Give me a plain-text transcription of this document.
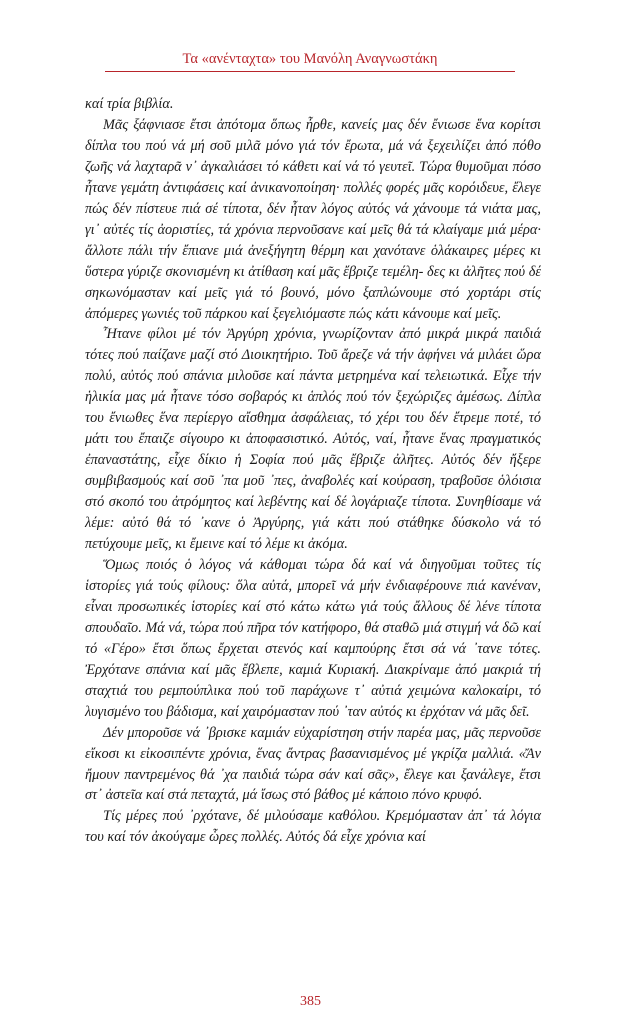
Τα «ανένταχτα» του Μανόλη Αναγνωστάκη

καί τρία βιβλία.

Μᾶς ξάφνιασε ἔτσι ἀπότομα ὅπως ἦρθε, κανείς μας δέν ἔνιωσε ἕνα κορίτσι δίπλα του πού νά μή σοῦ μιλᾶ μόνο γιά τόν ἔρωτα, μά νά ξεχειλίζει ἀπό πόθο ζωῆς νά λαχταρᾶ ν᾽ ἀγκαλιάσει τό κάθετι καί νά τό γευτεῖ. Τώρα θυμοῦμαι πόσο ἦτανε γεμάτη ἀντιφάσεις καί ἀνικανοποίηση· πολλές φορές μᾶς κορόιδευε, ἔλεγε πώς δέν πίστευε πιά σέ τίποτα, δέν ἦταν λόγος αὐτός νά χάνουμε τά νιάτα μας, γι᾽ αὐτές τίς ἀοριστίες, τά χρόνια περνοῦσανε καί μεῖς θά τά κλαίγαμε μιά μέρα· ἄλλοτε πάλι τήν ἔπιανε μιά ἀνεξήγητη θέρμη και χανότανε ὁλάκαιρες μέρες κι ὕστερα γύριζε σκονισμένη κι ἀτίθαση καί μᾶς ἔβριζε τεμέλη- δες κι ἀλῆτες πού δέ σηκωνόμασταν καί μεῖς γιά τό βουνό, μόνο ξαπλώνουμε στό χορτάρι στίς ἀπόμερες γωνιές τοῦ πάρκου καί ξεγελιόμαστε πώς κάτι κάνουμε καί μεῖς.

Ἦτανε φίλοι μέ τόν Ἀργύρη χρόνια, γνωρίζονταν ἀπό μικρά μικρά παιδιά τότες πού παίζανε μαζί στό Διοικητήριο. Τοῦ ἄρεζε νά τήν ἀφήνει νά μιλάει ὥρα πολύ, αὐτός πού σπάνια μιλοῦσε καί πάντα μετρημένα καί τελειωτικά. Εἶχε τήν ἡλικία μας μά ἦτανε τόσο σοβαρός κι ἁπλός πού τόν ξεχώριζες ἀμέσως. Δίπλα του ἔνιωθες ἕνα περίεργο αἴσθημα ἀσφάλειας, τό χέρι του δέν ἔτρεμε ποτέ, τό μάτι του ἔπαιζε σίγουρο κι ἀποφασιστικό. Αὐτός, ναί, ἦτανε ἕνας πραγματικός ἐπαναστάτης, εἶχε δίκιο ἡ Σοφία πού μᾶς ἔβριζε ἀλῆτες. Αὐτός δέν ἤξερε συμβιβασμούς καί σοῦ ᾽πα μοῦ ᾽πες, ἀναβολές καί κούραση, τραβοῦσε ὁλόισια στό σκοπό του ἀτρόμητος καί λεβέντης καί δέ λογάριαζε τίποτα. Συνηθίσαμε νά λέμε: αὐτό θά τό ᾽κανε ὁ Ἀργύρης, γιά κάτι πού στάθηκε δύσκολο νά τό πετύχουμε μεῖς, κι ἔμεινε καί τό λέμε κι ἀκόμα.

Ὅμως ποιός ὁ λόγος νά κάθομαι τώρα δά καί νά διηγοῦμαι τοῦτες τίς ἱστορίες γιά τούς φίλους: ὅλα αὐτά, μπορεῖ νά μήν ἐνδιαφέρουνε πιά κανέναν, εἶναι προσωπικές ἱστορίες καί στό κάτω κάτω γιά τούς ἄλλους δέ λένε τίποτα σπουδαῖο. Μά νά, τώρα πού πῆρα τόν κατήφορο, θά σταθῶ μιά στιγμή νά δῶ καί τό «Γέρο» ἔτσι ὅπως ἔρχεται στενός καί καμπούρης ἔτσι σά νά ᾽τανε τότες. Ἐρχότανε σπάνια καί μᾶς ἔβλεπε, καμιά Κυριακή. Διακρίναμε ἀπό μακριά τή σταχτιά του ρεμπούπλικα πού τοῦ παράχωνε τ᾽ αὐτιά χειμώνα καλοκαίρι, τό λυγισμένο του βάδισμα, καί χαιρόμασταν πού ᾽ταν αὐτός κι ἐρχόταν νά μᾶς δεῖ.

Δέν μποροῦσε νά ᾽βρισκε καμιάν εὐχαρίστηση στήν παρέα μας, μᾶς περνοῦσε εἴκοσι κι εἰκοσιπέντε χρόνια, ἕνας ἄντρας βασανισμένος μέ γκρίζα μαλλιά. «Ἄν ἤμουν παντρεμένος θά ᾽χα παιδιά τώρα σάν καί σᾶς», ἔλεγε και ξανάλεγε, ἔτσι στ᾽ ἀστεῖα καί στά πεταχτά, μά ἴσως στό βάθος μέ κάποιο πόνο κρυφό.

Τίς μέρες πού ᾽ρχότανε, δέ μιλούσαμε καθόλου. Κρεμόμασταν ἀπ᾽ τά λόγια του καί τόν ἀκούγαμε ὧρες πολλές. Αὐτός δά εἶχε χρόνια καί

385
